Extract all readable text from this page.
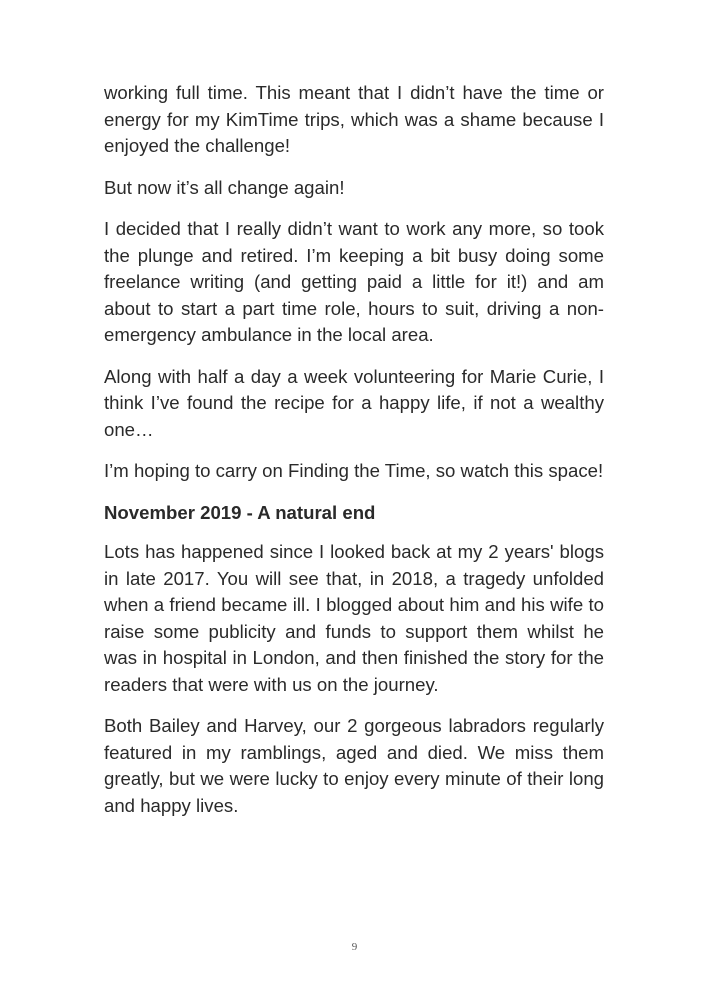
working full time. This meant that I didn’t have the time or energy for my KimTime trips, which was a shame because I enjoyed the challenge!

But now it’s all change again!

I decided that I really didn’t want to work any more, so took the plunge and retired. I’m keeping a bit busy doing some freelance writing (and getting paid a little for it!) and am about to start a part time role, hours to suit, driving a non-emergency ambulance in the local area.

Along with half a day a week volunteering for Marie Curie, I think I’ve found the recipe for a happy life, if not a wealthy one…

I’m hoping to carry on Finding the Time, so watch this space!

November 2019 - A natural end

Lots has happened since I looked back at my 2 years' blogs in late 2017. You will see that, in 2018, a tragedy unfolded when a friend became ill. I blogged about him and his wife to raise some publicity and funds to support them whilst he was in hospital in London, and then finished the story for the readers that were with us on the journey.

Both Bailey and Harvey, our 2 gorgeous labradors regularly featured in my ramblings, aged and died. We miss them greatly, but we were lucky to enjoy every minute of their long and happy lives.

9
